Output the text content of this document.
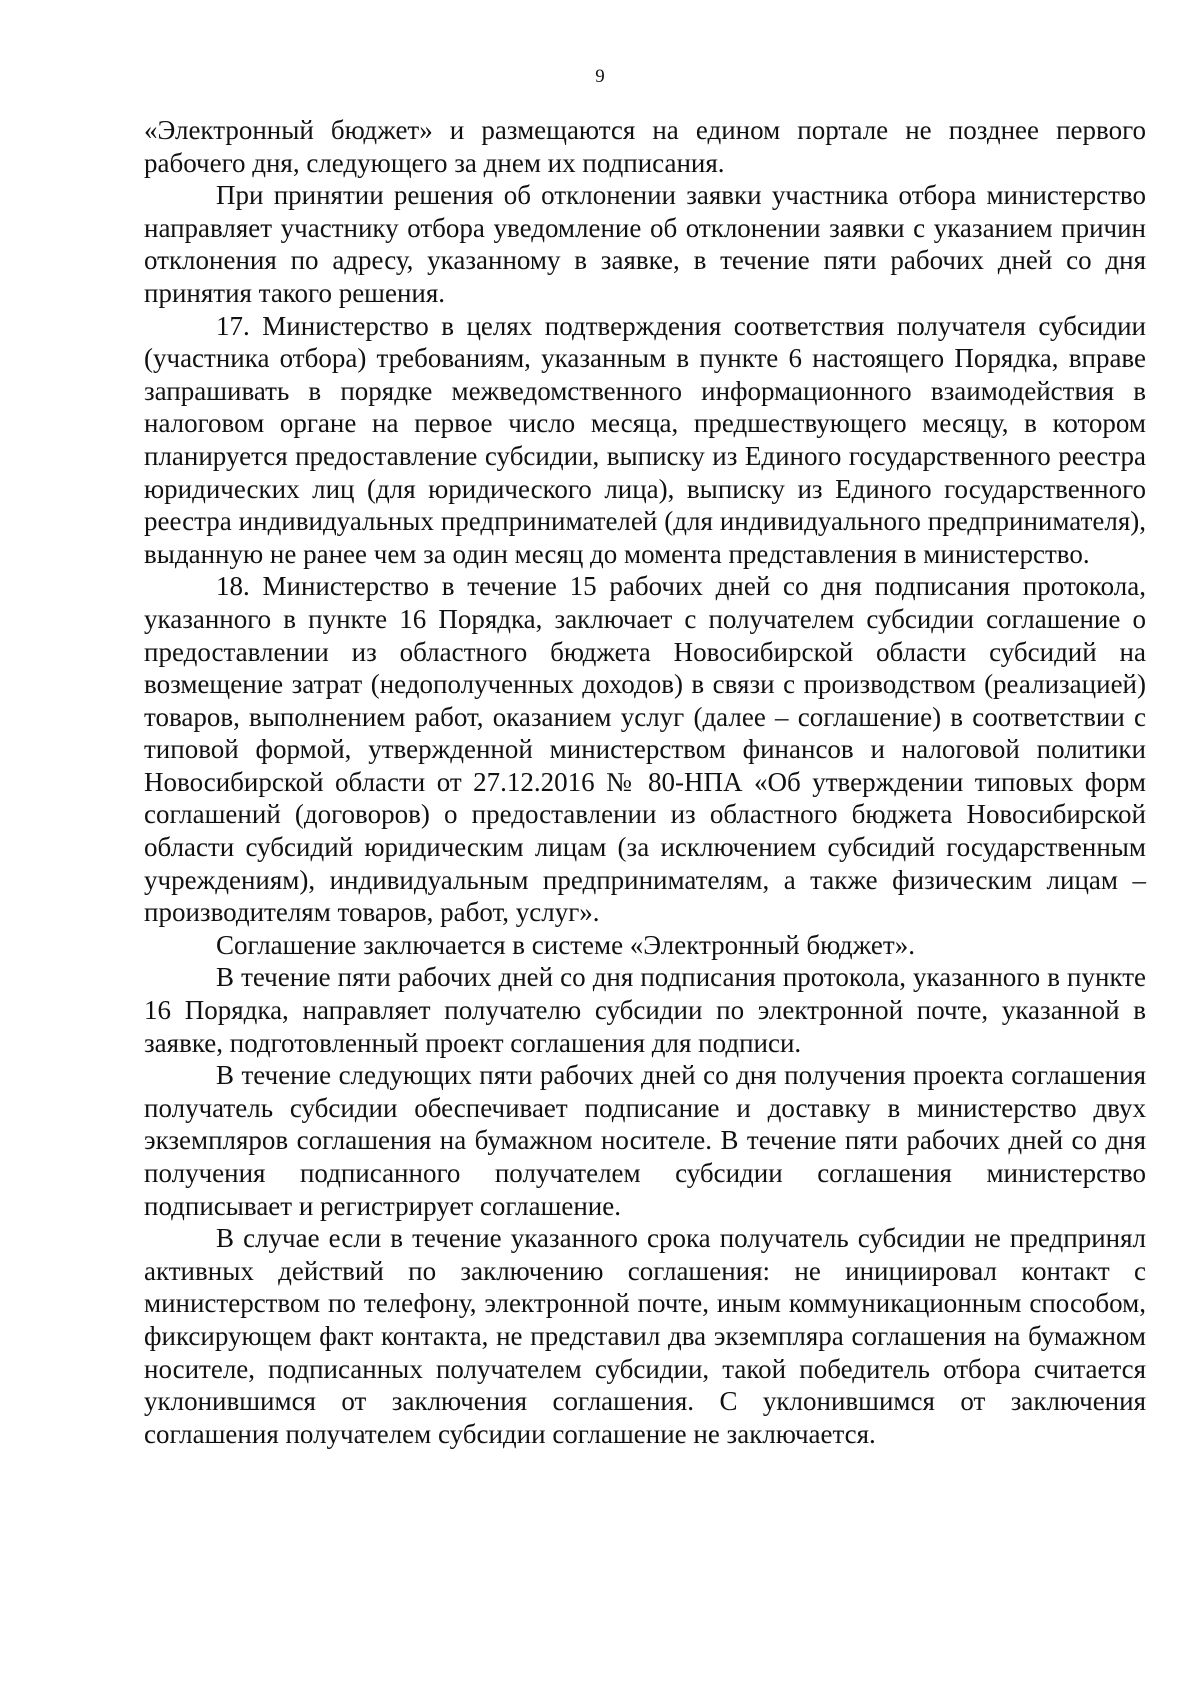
9

«Электронный бюджет» и размещаются на едином портале не позднее первого рабочего дня, следующего за днем их подписания.

При принятии решения об отклонении заявки участника отбора министерство направляет участнику отбора уведомление об отклонении заявки с указанием причин отклонения по адресу, указанному в заявке, в течение пяти рабочих дней со дня принятия такого решения.

17. Министерство в целях подтверждения соответствия получателя субсидии (участника отбора) требованиям, указанным в пункте 6 настоящего Порядка, вправе запрашивать в порядке межведомственного информационного взаимодействия в налоговом органе на первое число месяца, предшествующего месяцу, в котором планируется предоставление субсидии, выписку из Единого государственного реестра юридических лиц (для юридического лица), выписку из Единого государственного реестра индивидуальных предпринимателей (для индивидуального предпринимателя), выданную не ранее чем за один месяц до момента представления в министерство.

18. Министерство в течение 15 рабочих дней со дня подписания протокола, указанного в пункте 16 Порядка, заключает с получателем субсидии соглашение о предоставлении из областного бюджета Новосибирской области субсидий на возмещение затрат (недополученных доходов) в связи с производством (реализацией) товаров, выполнением работ, оказанием услуг (далее – соглашение) в соответствии с типовой формой, утвержденной министерством финансов и налоговой политики Новосибирской области от 27.12.2016 № 80-НПА «Об утверждении типовых форм соглашений (договоров) о предоставлении из областного бюджета Новосибирской области субсидий юридическим лицам (за исключением субсидий государственным учреждениям), индивидуальным предпринимателям, а также физическим лицам – производителям товаров, работ, услуг».

Соглашение заключается в системе «Электронный бюджет».

В течение пяти рабочих дней со дня подписания протокола, указанного в пункте 16 Порядка, направляет получателю субсидии по электронной почте, указанной в заявке, подготовленный проект соглашения для подписи.

В течение следующих пяти рабочих дней со дня получения проекта соглашения получатель субсидии обеспечивает подписание и доставку в министерство двух экземпляров соглашения на бумажном носителе. В течение пяти рабочих дней со дня получения подписанного получателем субсидии соглашения министерство подписывает и регистрирует соглашение.

В случае если в течение указанного срока получатель субсидии не предпринял активных действий по заключению соглашения: не инициировал контакт с министерством по телефону, электронной почте, иным коммуникационным способом, фиксирующем факт контакта, не представил два экземпляра соглашения на бумажном носителе, подписанных получателем субсидии, такой победитель отбора считается уклонившимся от заключения соглашения. С уклонившимся от заключения соглашения получателем субсидии соглашение не заключается.
